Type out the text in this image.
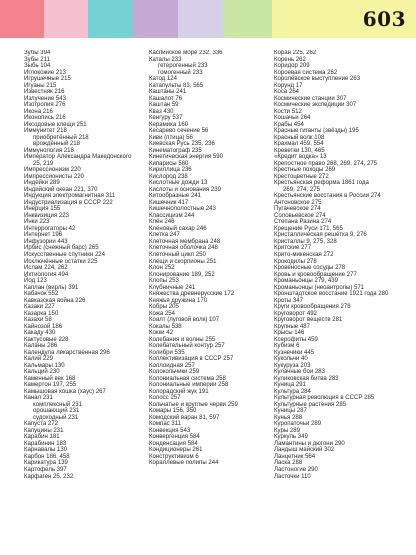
603
Зубы 394
Зубы 211
Зыбь 104
Иглокожие 213
Игрушечные 215
Игуаны 215
Известняк 216
Излучение 543
Изотропия 276
Икона 216
Иконопись 216
Иксодовые клещи 251
Иммунитет 218
приобретённый 218
врождённый 218
Иммунология 218
Император Александра Македонского
25, 219
Импрессионизм 220
Импрессионисты 220
Индейки 289
Индийский океан 221, 370
Индукция электромагнитная 311
Индустриализация в СССР 222
Инерция 155
Инквизиция 223
Инки 223
Интеррогаторы 42
Интернет 196
Инфузории 443
Ирбис (снежный барс) 265
Искусственные спутники 224
Исключённые остатки 225
Ислам 224, 262
Ихтиология 494
Йод 123
Каплан (вирль) 391
Кабачок 552
Кавказская война 226
Казаки 227
Казарка 150
Казахи 58
Кайнозой 186
Какаду 430
Кактусовые 228
Каланы 286
Календула лекарственная 296
Калий 229
Кальмары 130
Кальций 230
Каменный век 168
Камертон 197, 255
Камышовая кошка (хаус) 267
Канал 231
комплексный 231
орошающий 231
судоходный 231
Капуста 272
Капуцины 231
Карабин 181
Карабинин 183
Карнавалы 130
Карбон 186, 458
Карикатура 139
Картофель 397
Карфаген 25, 232
Каспийское море 232, 336
Каталы 233
гетерогенный 233
гомогенный 233
Катод 124
Катапульты 83, 565
Каштаны 241
Кашалот 76
Каштан 59
Кваз 430
Кенгуру 537
Керамика 160
Кесарево сечение 56
Киви (птица) 56
Киевская Русь 235, 236
Кинематограф 235
Кинетическая энергия 590
Кипарисы 560
Кириллица 236
Кислород 238
Кислотные дожди 13
Кислоты и основания 239
Китообразные 241
Кишечник 417
Кишечнополостные 243
Классицизм 244
Клён 246
Клёновый сахар 246
Клетка 247
Клеточная мембрана 248
Клеточная оболочка 248
Клеточный цикл 250
Клещи и скорпионы 251
Клон 252
Клонирование 189, 252
Клопы 253
Клубничные 241
Княжества древнерусские 172
Княжья дружина 170
Кобры 205
Кожа 254
Коалт (луговой волк) 107
Кокалы 538
Кокки 42
Колебания и волны 255
Колебательный контур 257
Колибри 535
Коллективизация в СССР 257
Коллоидная 257
Колокольчики 259
Колониальная система 258
Колониальные империи 258
Колорадский жук 191
Колосс 257
Кольчатые и круглые черви 259
Комары 156, 350
Комодский варан 81, 597
Компас 311
Конвекция 543
Конвергенция 584
Конденсация 584
Кондиционеры 261
Конструктивизм 6
Кораллевые полипы 244
Коран 225, 262
Корень 262
Коридор 209
Короевая система 262
Королёвское выступление 263
Корунд 17
Коса 264
Космические станции 307
Космические экспедиции 307
Кости 512
Кошачьи 264
Крабы 454
Красные гиганты (звёзды) 195
Красный волк 108
Крахмал 459, 554
Креветки 130, 465
«Кредит водка» 13
Крепостное право 268, 269, 274, 275
Крестные походы 269
Крестоцветные 272
Крестьянская реформа 1861 года
269, 274, 275
Крестьянские восстания в России 274
Антоновское 275
Пугачевское 274
Соловьевское 274
Степана Разина 274
Крещение Руси 171, 565
Кристаллическая решётка 9, 276
Кристаллы 9, 275, 328
Критские 277
Крито-микенская 272
Крокодилы 278
Кровеносные сосуды 278
Кровь и кровообращение 277
Кроманьонцы 279, 439
Кроманьонцы (неоантропы) 571
Кронштадтское восстание 1921 года 280
Кроты 347
Круги кровообращения 278
Круговорот 492
Круговорот веществ 281
Крупные 487
Крысы 146
Ксерофиты 459
Кубизм 6
Кузнечики 445
Кукольчи 40
Кукуруза 203
Кулачные бои 283
Куликовская битва 283
Куница 291
Культура 284
Культурная революция в СССР 285
Культурные растения 285
Куницы 287
Кунья 288
Куропаточьи 289
Куры 289
Куркуль 349
Ламантины и дюгони 290
Ландыш майский 302
Ланцетник 564
Ласка 288
Ластоногие 290
Ласточки 110
